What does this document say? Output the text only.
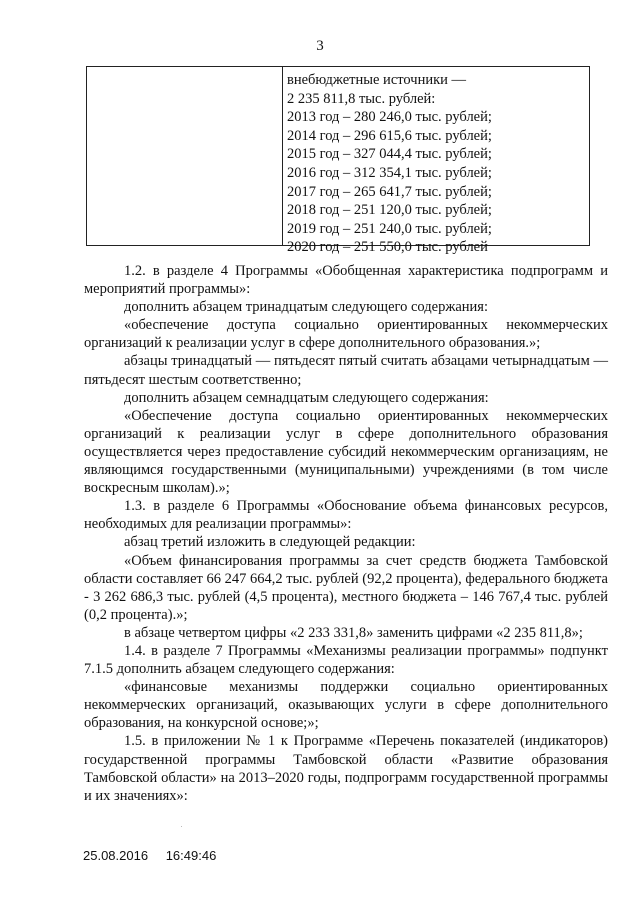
3
внебюджетные источники —
2 235 811,8 тыс. рублей:
2013 год – 280 246,0 тыс. рублей;
2014 год – 296 615,6 тыс. рублей;
2015 год – 327 044,4 тыс. рублей;
2016 год – 312 354,1 тыс. рублей;
2017 год – 265 641,7 тыс. рублей;
2018 год – 251 120,0 тыс. рублей;
2019 год – 251 240,0 тыс. рублей;
2020 год – 251 550,0 тыс. рублей
1.2. в разделе 4 Программы «Обобщенная характеристика подпрограмм и мероприятий программы»:
дополнить абзацем тринадцатым следующего содержания:
«обеспечение доступа социально ориентированных некоммерческих организаций к реализации услуг в сфере дополнительного образования.»;
абзацы тринадцатый — пятьдесят пятый считать абзацами четырнадцатым — пятьдесят шестым соответственно;
дополнить абзацем семнадцатым следующего содержания:
«Обеспечение доступа социально ориентированных некоммерческих организаций к реализации услуг в сфере дополнительного образования осуществляется через предоставление субсидий некоммерческим организациям, не являющимся государственными (муниципальными) учреждениями (в том числе воскресным школам).»;
1.3. в разделе 6 Программы «Обоснование объема финансовых ресурсов, необходимых для реализации программы»:
абзац третий изложить в следующей редакции:
«Объем финансирования программы за счет средств бюджета Тамбовской области составляет 66 247 664,2 тыс. рублей (92,2 процента), федерального бюджета - 3 262 686,3 тыс. рублей (4,5 процента), местного бюджета – 146 767,4 тыс. рублей (0,2 процента).»;
в абзаце четвертом цифры «2 233 331,8» заменить цифрами «2 235 811,8»;
1.4. в разделе 7 Программы «Механизмы реализации программы» подпункт 7.1.5 дополнить абзацем следующего содержания:
«финансовые механизмы поддержки социально ориентированных некоммерческих организаций, оказывающих услуги в сфере дополнительного образования, на конкурсной основе;»;
1.5. в приложении № 1 к Программе «Перечень показателей (индикаторов) государственной программы Тамбовской области «Развитие образования Тамбовской области» на 2013–2020 годы, подпрограмм государственной программы и их значениях»:
25.08.2016 16:49:46
